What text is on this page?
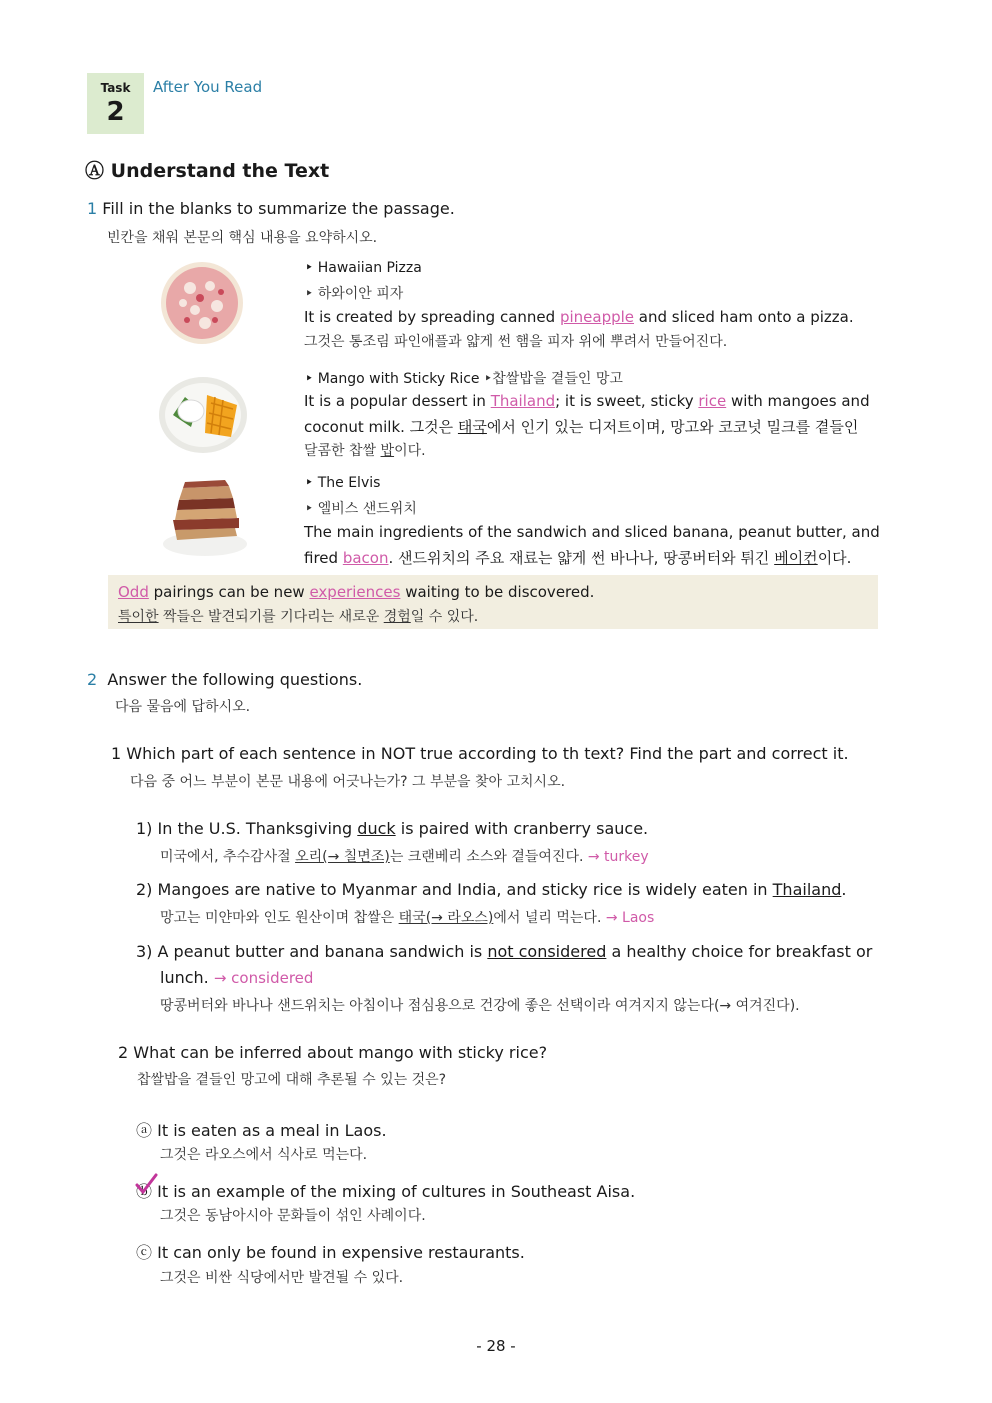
Task
2
After You Read
Ⓐ Understand the Text
1 Fill in the blanks to summarize the passage.
빈칸을 채워 본문의 핵심 내용을 요약하시오.
‣ Hawaiian Pizza
‣ 하와이안 피자
It is created by spreading canned pineapple and sliced ham onto a pizza.
그것은 통조림 파인애플과 얇게 썬 햄을 피자 위에 뿌려서 만들어진다.
‣ Mango with Sticky Rice ‣찹쌀밥을 곁들인 망고
It is a popular dessert in Thailand; it is sweet, sticky rice with mangoes and
coconut milk. 그것은 태국에서 인기 있는 디저트이며, 망고와 코코넛 밀크를 곁들인
달콤한 찹쌀 밥이다.
‣ The Elvis
‣ 엘비스 샌드위치
The main ingredients of the sandwich and sliced banana, peanut butter, and
fired bacon. 샌드위치의 주요 재료는 얇게 썬 바나나, 땅콩버터와 튀긴 베이컨이다.
Odd pairings can be new experiences waiting to be discovered.
특이한 짝들은 발견되기를 기다리는 새로운 경험일 수 있다.
2 Answer the following questions.
다음 물음에 답하시오.
1 Which part of each sentence in NOT true according to th text? Find the part and correct it.
다음 중 어느 부분이 본문 내용에 어긋나는가? 그 부분을 찾아 고치시오.
1) In the U.S. Thanksgiving duck is paired with cranberry sauce.
미국에서, 추수감사절 오리(→ 칠면조)는 크랜베리 소스와 곁들여진다. → turkey
2) Mangoes are native to Myanmar and India, and sticky rice is widely eaten in Thailand.
망고는 미얀마와 인도 원산이며 찹쌀은 태국(→ 라오스)에서 널리 먹는다. → Laos
3) A peanut butter and banana sandwich is not considered a healthy choice for breakfast or
lunch. → considered
땅콩버터와 바나나 샌드위치는 아침이나 점심용으로 건강에 좋은 선택이라 여겨지지 않는다(→ 여겨진다).
2 What can be inferred about mango with sticky rice?
찹쌀밥을 곁들인 망고에 대해 추론될 수 있는 것은?
ⓐ It is eaten as a meal in Laos.
그것은 라오스에서 식사로 먹는다.
ⓑ It is an example of the mixing of cultures in Southeast Aisa.
그것은 동남아시아 문화들이 섞인 사례이다.
ⓒ It can only be found in expensive restaurants.
그것은 비싼 식당에서만 발견될 수 있다.
- 28 -
